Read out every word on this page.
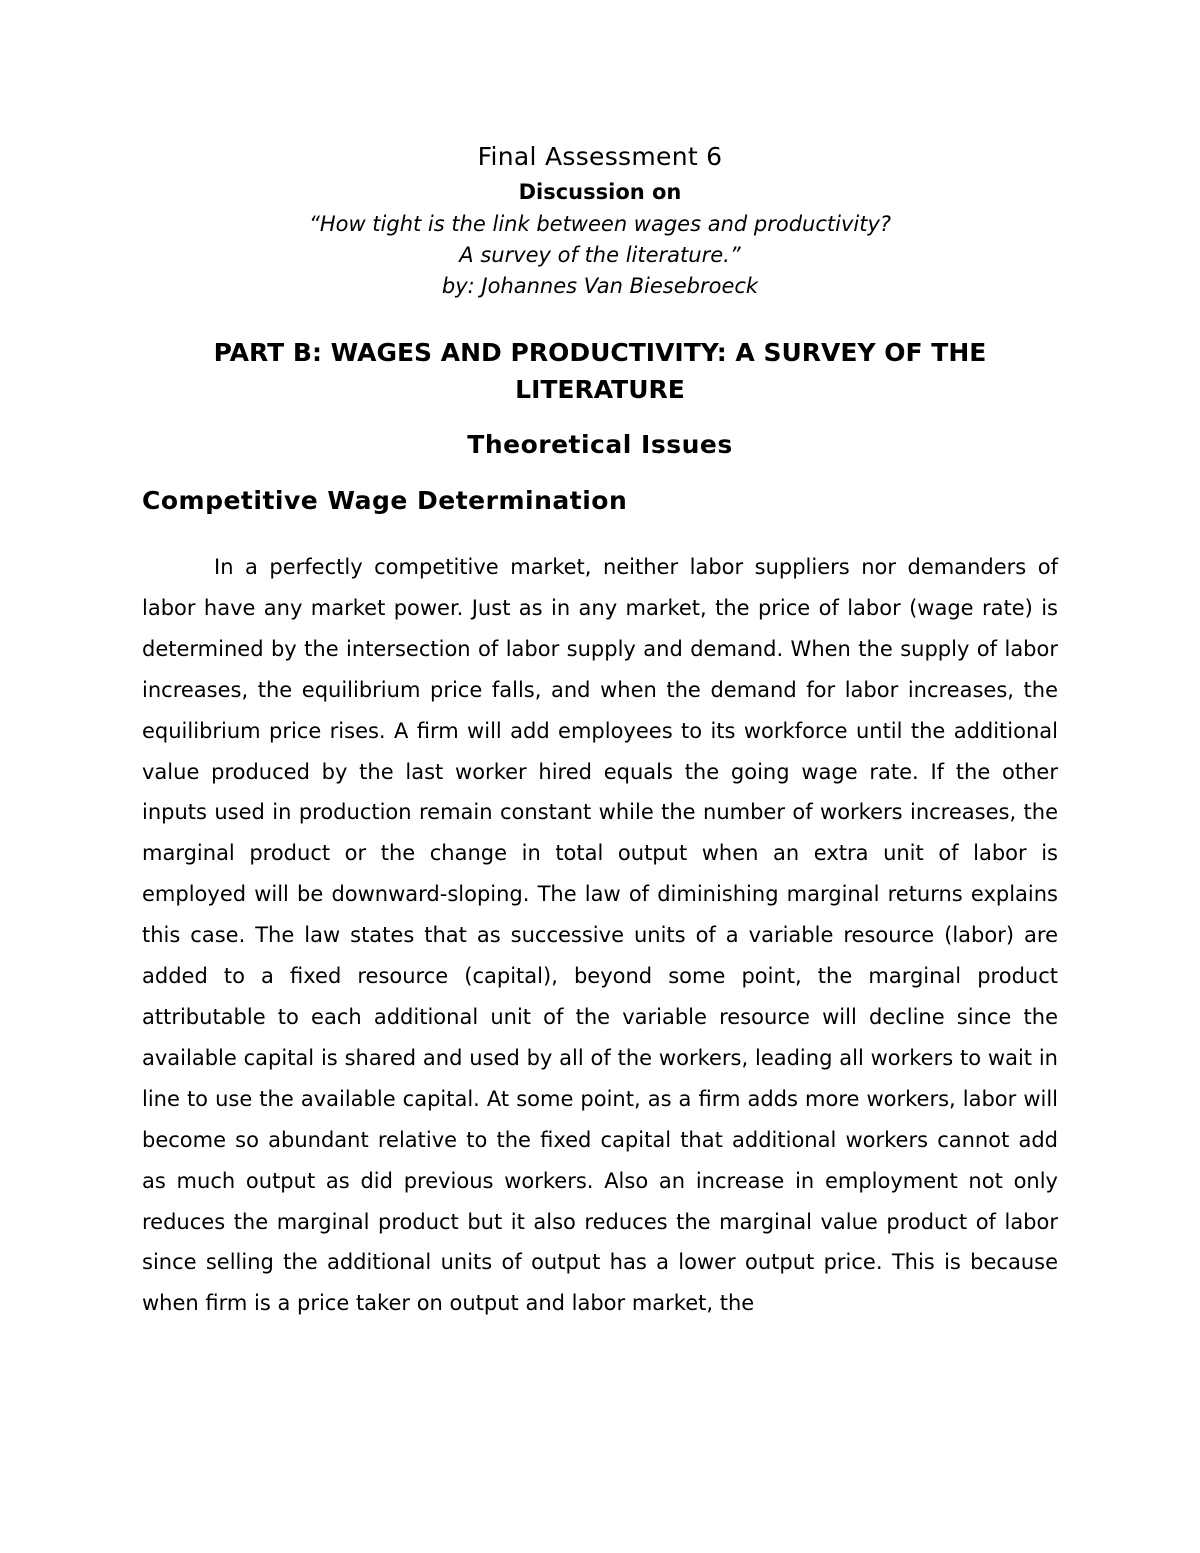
Final Assessment 6
Discussion on
“How tight is the link between wages and productivity?
A survey of the literature.”
by: Johannes Van Biesebroeck
PART B: WAGES AND PRODUCTIVITY: A SURVEY OF THE LITERATURE
Theoretical Issues
Competitive Wage Determination

In a perfectly competitive market, neither labor suppliers nor demanders of labor have any market power. Just as in any market, the price of labor (wage rate) is determined by the intersection of labor supply and demand. When the supply of labor increases, the equilibrium price falls, and when the demand for labor increases, the equilibrium price rises. A firm will add employees to its workforce until the additional value produced by the last worker hired equals the going wage rate. If the other inputs used in production remain constant while the number of workers increases, the marginal product or the change in total output when an extra unit of labor is employed will be downward-sloping. The law of diminishing marginal returns explains this case. The law states that as successive units of a variable resource (labor) are added to a fixed resource (capital), beyond some point, the marginal product attributable to each additional unit of the variable resource will decline since the available capital is shared and used by all of the workers, leading all workers to wait in line to use the available capital. At some point, as a firm adds more workers, labor will become so abundant relative to the fixed capital that additional workers cannot add as much output as did previous workers. Also an increase in employment not only reduces the marginal product but it also reduces the marginal value product of labor since selling the additional units of output has a lower output price. This is because when firm is a price taker on output and labor market, the
